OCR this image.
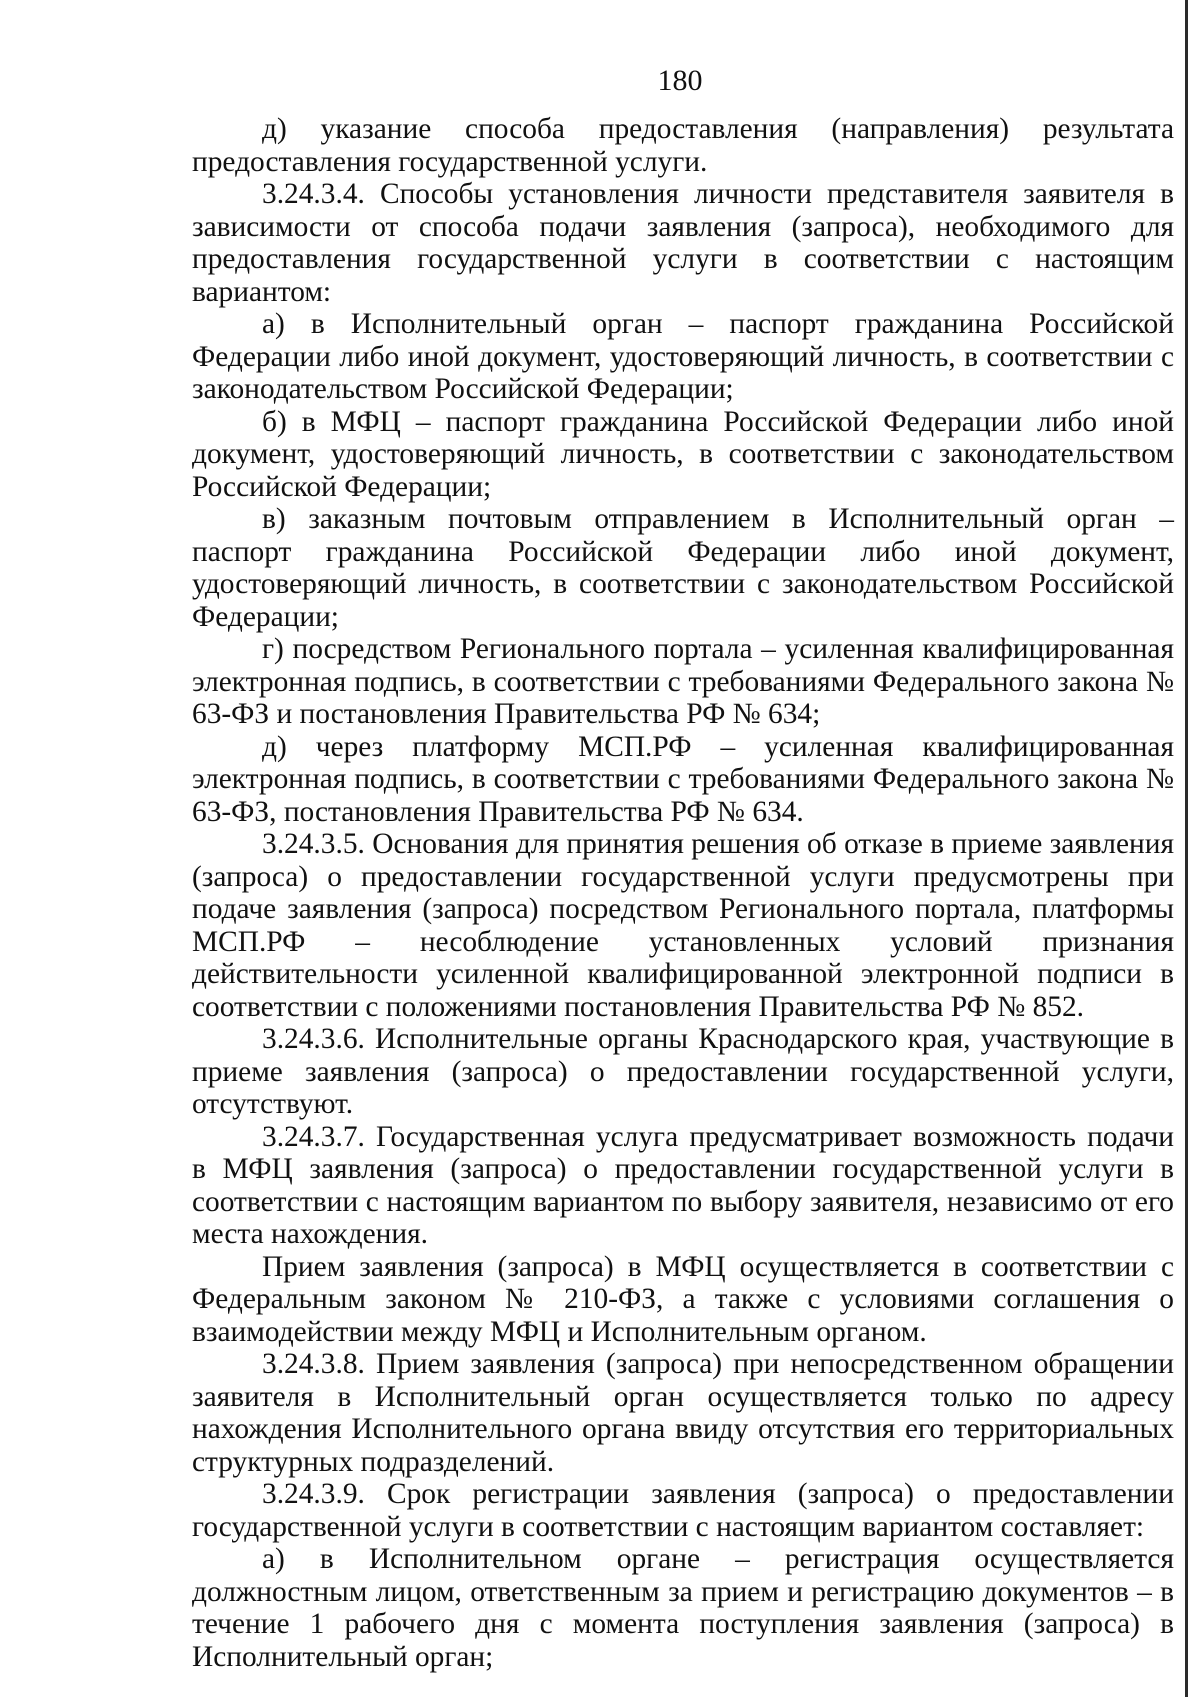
180

д) указание способа предоставления (направления) результата предоставления государственной услуги.

3.24.3.4. Способы установления личности представителя заявителя в зависимости от способа подачи заявления (запроса), необходимого для предоставления государственной услуги в соответствии с настоящим вариантом:

а) в Исполнительный орган – паспорт гражданина Российской Федерации либо иной документ, удостоверяющий личность, в соответствии с законодательством Российской Федерации;

б) в МФЦ – паспорт гражданина Российской Федерации либо иной документ, удостоверяющий личность, в соответствии с законодательством Российской Федерации;

в) заказным почтовым отправлением в Исполнительный орган – паспорт гражданина Российской Федерации либо иной документ, удостоверяющий личность, в соответствии с законодательством Российской Федерации;

г) посредством Регионального портала – усиленная квалифицированная электронная подпись, в соответствии с требованиями Федерального закона № 63-ФЗ и постановления Правительства РФ № 634;

д) через платформу МСП.РФ – усиленная квалифицированная электронная подпись, в соответствии с требованиями Федерального закона № 63-ФЗ, постановления Правительства РФ № 634.

3.24.3.5. Основания для принятия решения об отказе в приеме заявления (запроса) о предоставлении государственной услуги предусмотрены при подаче заявления (запроса) посредством Регионального портала, платформы МСП.РФ – несоблюдение установленных условий признания действительности усиленной квалифицированной электронной подписи в соответствии с положениями постановления Правительства РФ № 852.

3.24.3.6. Исполнительные органы Краснодарского края, участвующие в приеме заявления (запроса) о предоставлении государственной услуги, отсутствуют.

3.24.3.7. Государственная услуга предусматривает возможность подачи в МФЦ заявления (запроса) о предоставлении государственной услуги в соответствии с настоящим вариантом по выбору заявителя, независимо от его места нахождения.

Прием заявления (запроса) в МФЦ осуществляется в соответствии с Федеральным законом № 210-ФЗ, а также с условиями соглашения о взаимодействии между МФЦ и Исполнительным органом.

3.24.3.8. Прием заявления (запроса) при непосредственном обращении заявителя в Исполнительный орган осуществляется только по адресу нахождения Исполнительного органа ввиду отсутствия его территориальных структурных подразделений.

3.24.3.9. Срок регистрации заявления (запроса) о предоставлении государственной услуги в соответствии с настоящим вариантом составляет:

а) в Исполнительном органе – регистрация осуществляется должностным лицом, ответственным за прием и регистрацию документов – в течение 1 рабочего дня с момента поступления заявления (запроса) в Исполнительный орган;
